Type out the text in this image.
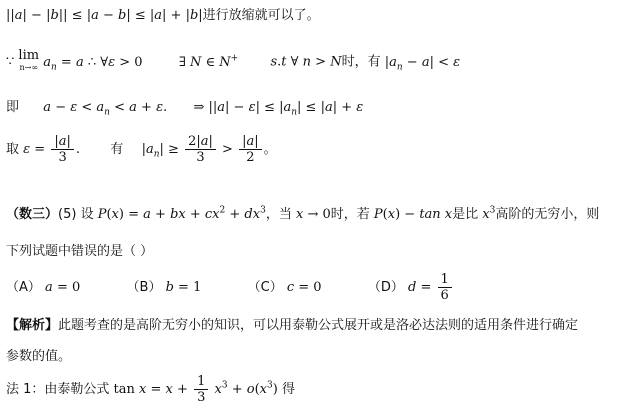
||a| − |b|| ≤ |a − b| ≤ |a| + |b|进行放缩就可以了。
∵ lim
n→∞ $a_n = a$ ∴ ∀ε > 0	∃ N ∈ N+ s.t ∀ n > N时，有 $|a_n - a| < \varepsilon$
即 $a - \varepsilon < a_n < a + \varepsilon$. ⇒ $||a| - \varepsilon| \le |a_n| \le |a| + \varepsilon$
取 $\varepsilon = \frac{|a|}{3}$ . 有 $|a_n| \ge \frac{2|a|}{3} > \frac{|a|}{2}$ 。
（数三）(5) 设 P(x) = a + bx + $cx^2 + dx^3$，当 x → 0时，若 P(x) − tan x是比 $x^3$高阶的无穷小，则
下列试题中错误的是（ ）
（A） a = 0	（B） b = 1	（C） c = 0	（D） $d = \frac{1}{6}$
【解析】此题考查的是高阶无穷小的知识，可以用泰勒公式展开或是洛必达法则的适用条件进行确定
参数的值。
法 1：由泰勒公式 $\tan x = x + \frac{1}{3} x^3 + o(x^3)$ 得
